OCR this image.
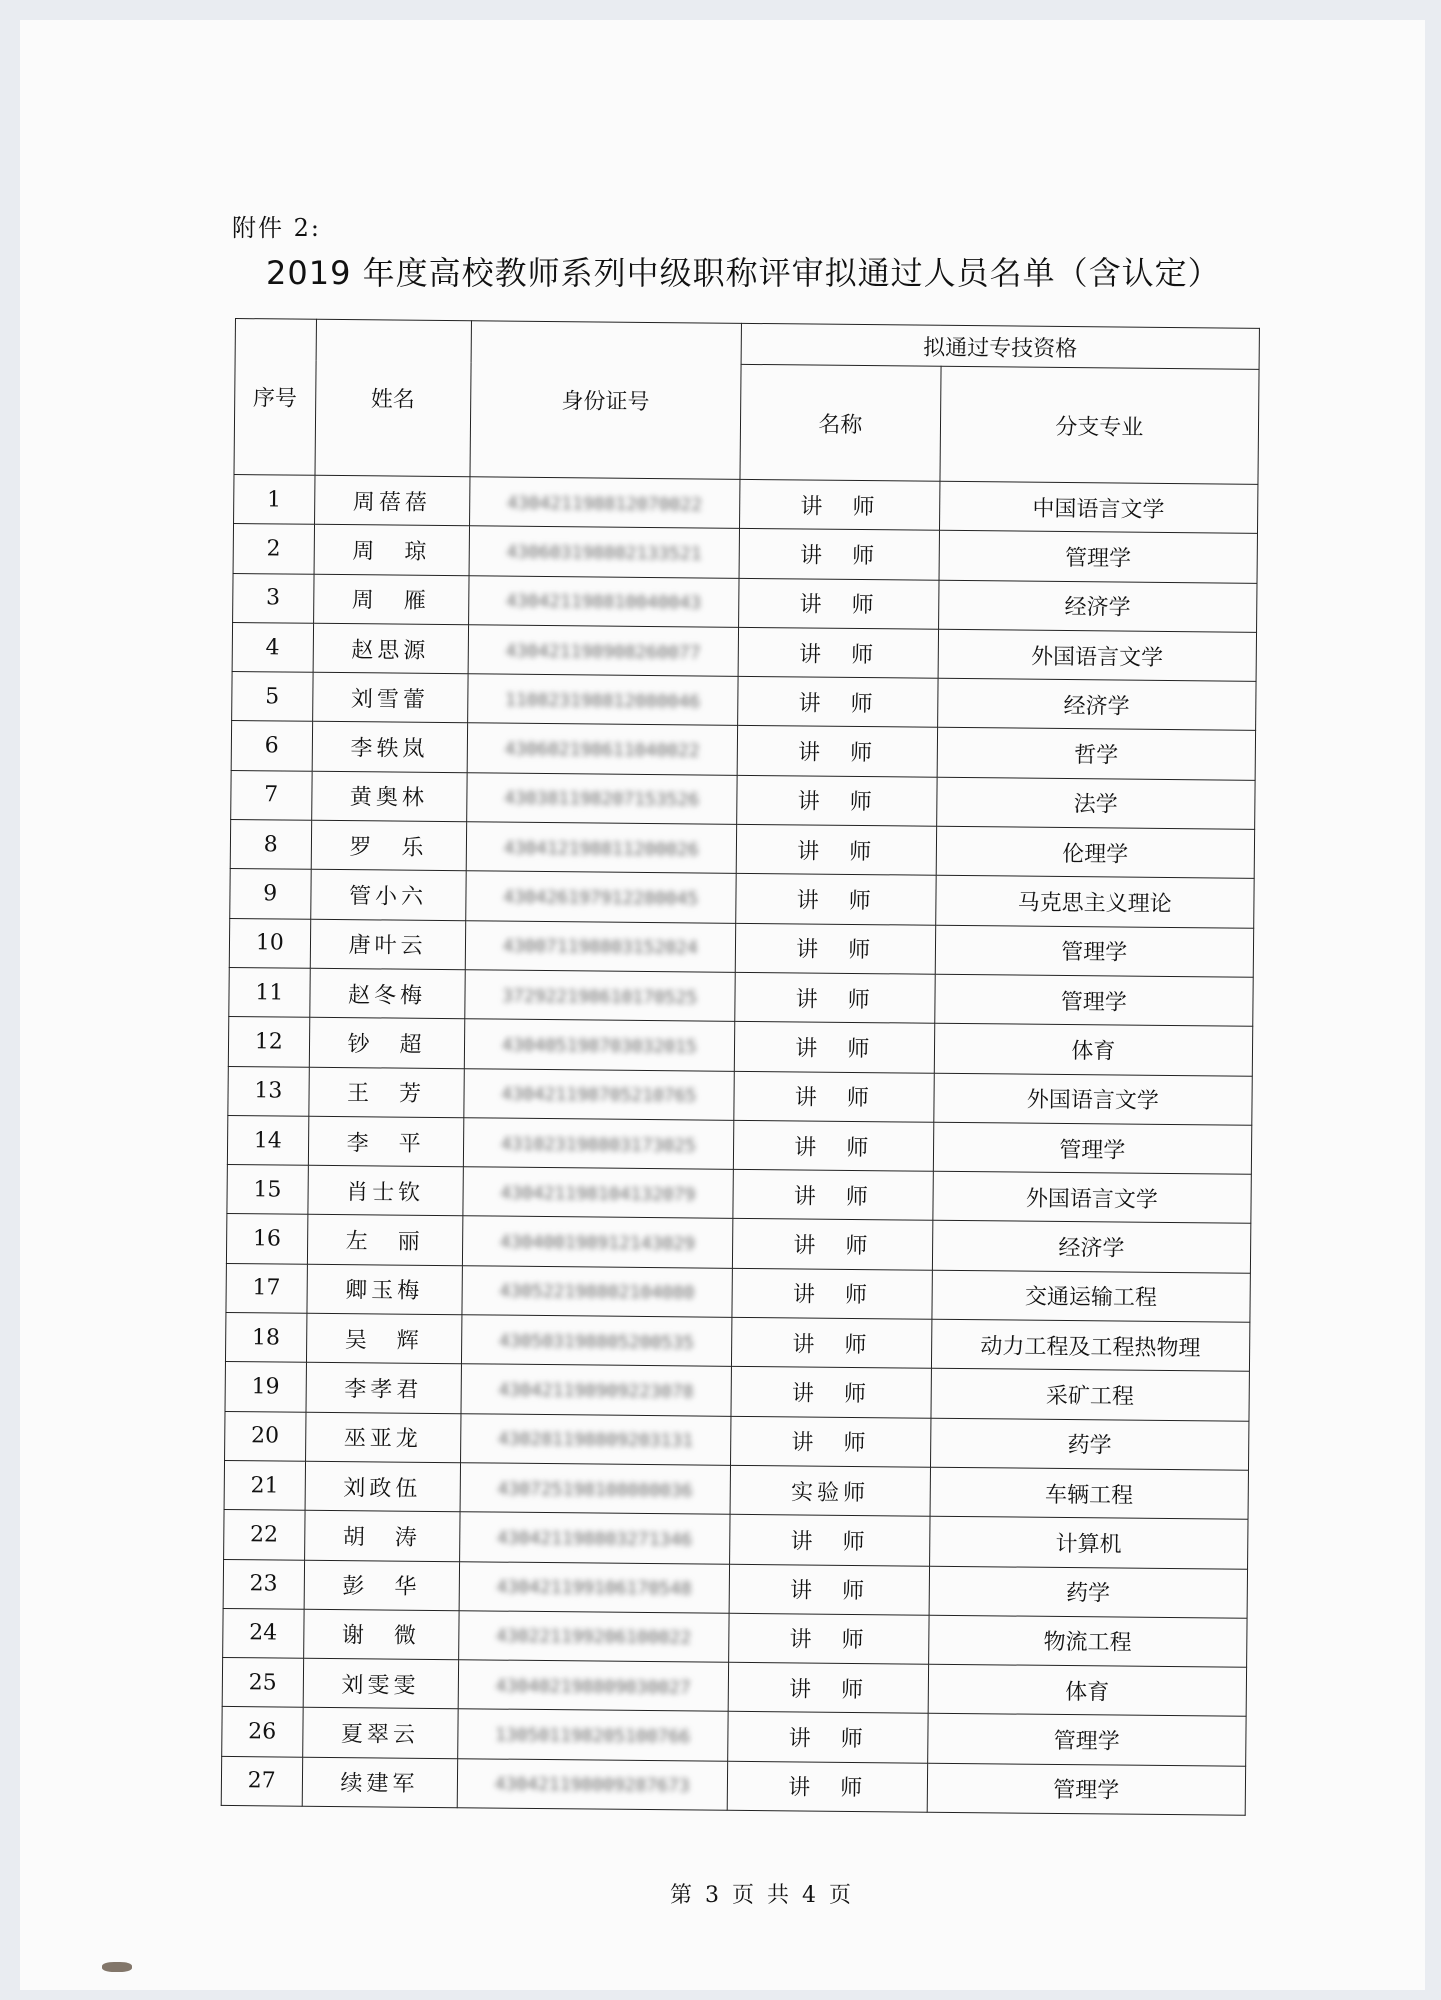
附件 2:
2019 年度高校教师系列中级职称评审拟通过人员名单（含认定）
序号	姓名	身份证号	拟通过专技资格	
			名称	分支专业
1	周蓓蓓	430421198812070022	讲　师	中国语言文学
2	周　琼	430603198802133521	讲　师	管理学
3	周　雁	430421198810040043	讲　师	经济学
4	赵思源	430421198908260077	讲　师	外国语言文学
5	刘雪蕾	110823198812080046	讲　师	经济学
6	李轶岚	430602198611040022	讲　师	哲学
7	黄奥林	430381198207153526	讲　师	法学
8	罗　乐	430412198811200026	讲　师	伦理学
9	管小六	430426197912280045	讲　师	马克思主义理论
10	唐叶云	430071198803152024	讲　师	管理学
11	赵冬梅	372922198610170525	讲　师	管理学
12	钞　超	430405198703032015	讲　师	体育
13	王　芳	430421198705210765	讲　师	外国语言文学
14	李　平	431023198803173025	讲　师	管理学
15	肖士钦	430421198104132079	讲　师	外国语言文学
16	左　丽	430400198912143029	讲　师	经济学
17	卿玉梅	430522198802104080	讲　师	交通运输工程
18	吴　辉	430503198805200535	讲　师	动力工程及工程热物理
19	李孝君	430421198909223078	讲　师	采矿工程
20	巫亚龙	430281198809203131	讲　师	药学
21	刘政伍	430725198108080036	实验师	车辆工程
22	胡　涛	430421198803271346	讲　师	计算机
23	彭　华	430421199106170548	讲　师	药学
24	谢　微	430221199206100022	讲　师	物流工程
25	刘雯雯	430402198809030027	讲　师	体育
26	夏翠云	130501198205100766	讲　师	管理学
27	续建军	430421198009287673	讲　师	管理学
第 3 页 共 4 页
